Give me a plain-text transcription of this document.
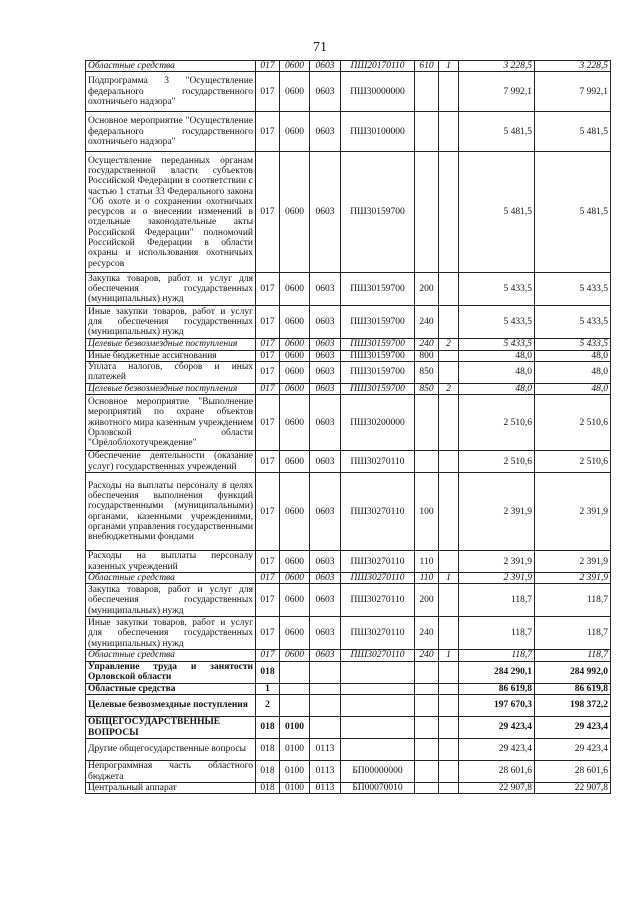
71
Областные средства	017	0600	0603	ПШ20170110	610	1	3 228,5	3 228,5
Подпрограмма 3 "Осуществление федерального государственного охотничьего надзора"	017	0600	0603	ПШ30000000			7 992,1	7 992,1
Основное мероприятие "Осуществление федерального государственного охотничьего надзора"	017	0600	0603	ПШ30100000			5 481,5	5 481,5
Осуществление переданных органам государственной власти субъектов Российской Федерации в соответствии с частью 1 статьи 33 Федерального закона "Об охоте и о сохранении охотничьих ресурсов и о внесении изменений в отдельные законодательные акты Российской Федерации" полномочий Российской Федерации в области охраны и использования охотничьих ресурсов	017	0600	0603	ПШ30159700			5 481,5	5 481,5
Закупка товаров, работ и услуг для обеспечения государственных (муниципальных) нужд	017	0600	0603	ПШ30159700	200		5 433,5	5 433,5
Иные закупки товаров, работ и услуг для обеспечения государственных (муниципальных) нужд	017	0600	0603	ПШ30159700	240		5 433,5	5 433,5
Целевые безвозмездные поступления	017	0600	0603	ПШ30159700	240	2	5 433,5	5 433,5
Иные бюджетные ассигнования	017	0600	0603	ПШ30159700	800		48,0	48,0
Уплата налогов, сборов и иных платежей	017	0600	0603	ПШ30159700	850		48,0	48,0
Целевые безвозмездные поступления	017	0600	0603	ПШ30159700	850	2	48,0	48,0
Основное мероприятие "Выполнение мероприятий по охране объектов животного мира казенным учреждением Орловской области "Орёлоблохотучреждение"	017	0600	0603	ПШ30200000			2 510,6	2 510,6
Обеспечение деятельности (оказание услуг) государственных учреждений	017	0600	0603	ПШ30270110			2 510,6	2 510,6
Расходы на выплаты персоналу в целях обеспечения выполнения функций государственными (муниципальными) органами, казенными учреждениями, органами управления государственными внебюджетными фондами	017	0600	0603	ПШ30270110	100		2 391,9	2 391,9
Расходы на выплаты персоналу казенных учреждений	017	0600	0603	ПШ30270110	110		2 391,9	2 391,9
Областные средства	017	0600	0603	ПШ30270110	110	1	2 391,9	2 391,9
Закупка товаров, работ и услуг для обеспечения государственных (муниципальных) нужд	017	0600	0603	ПШ30270110	200		118,7	118,7
Иные закупки товаров, работ и услуг для обеспечения государственных (муниципальных) нужд	017	0600	0603	ПШ30270110	240		118,7	118,7
Областные средства	017	0600	0603	ПШ30270110	240	1	118,7	118,7
Управление труда и занятости Орловской области	018						284 290,1	284 992,0
Областные средства	1						86 619,8	86 619,8
Целевые безвозмездные поступления	2						197 670,3	198 372,2
ОБЩЕГОСУДАРСТВЕННЫЕ ВОПРОСЫ	018	0100					29 423,4	29 423,4
Другие общегосударственные вопросы	018	0100	0113				29 423,4	29 423,4
Непрограммная часть областного бюджета	018	0100	0113	БП00000000			28 601,6	28 601,6
Центральный аппарат	018	0100	0113	БП00070010			22 907,8	22 907,8
